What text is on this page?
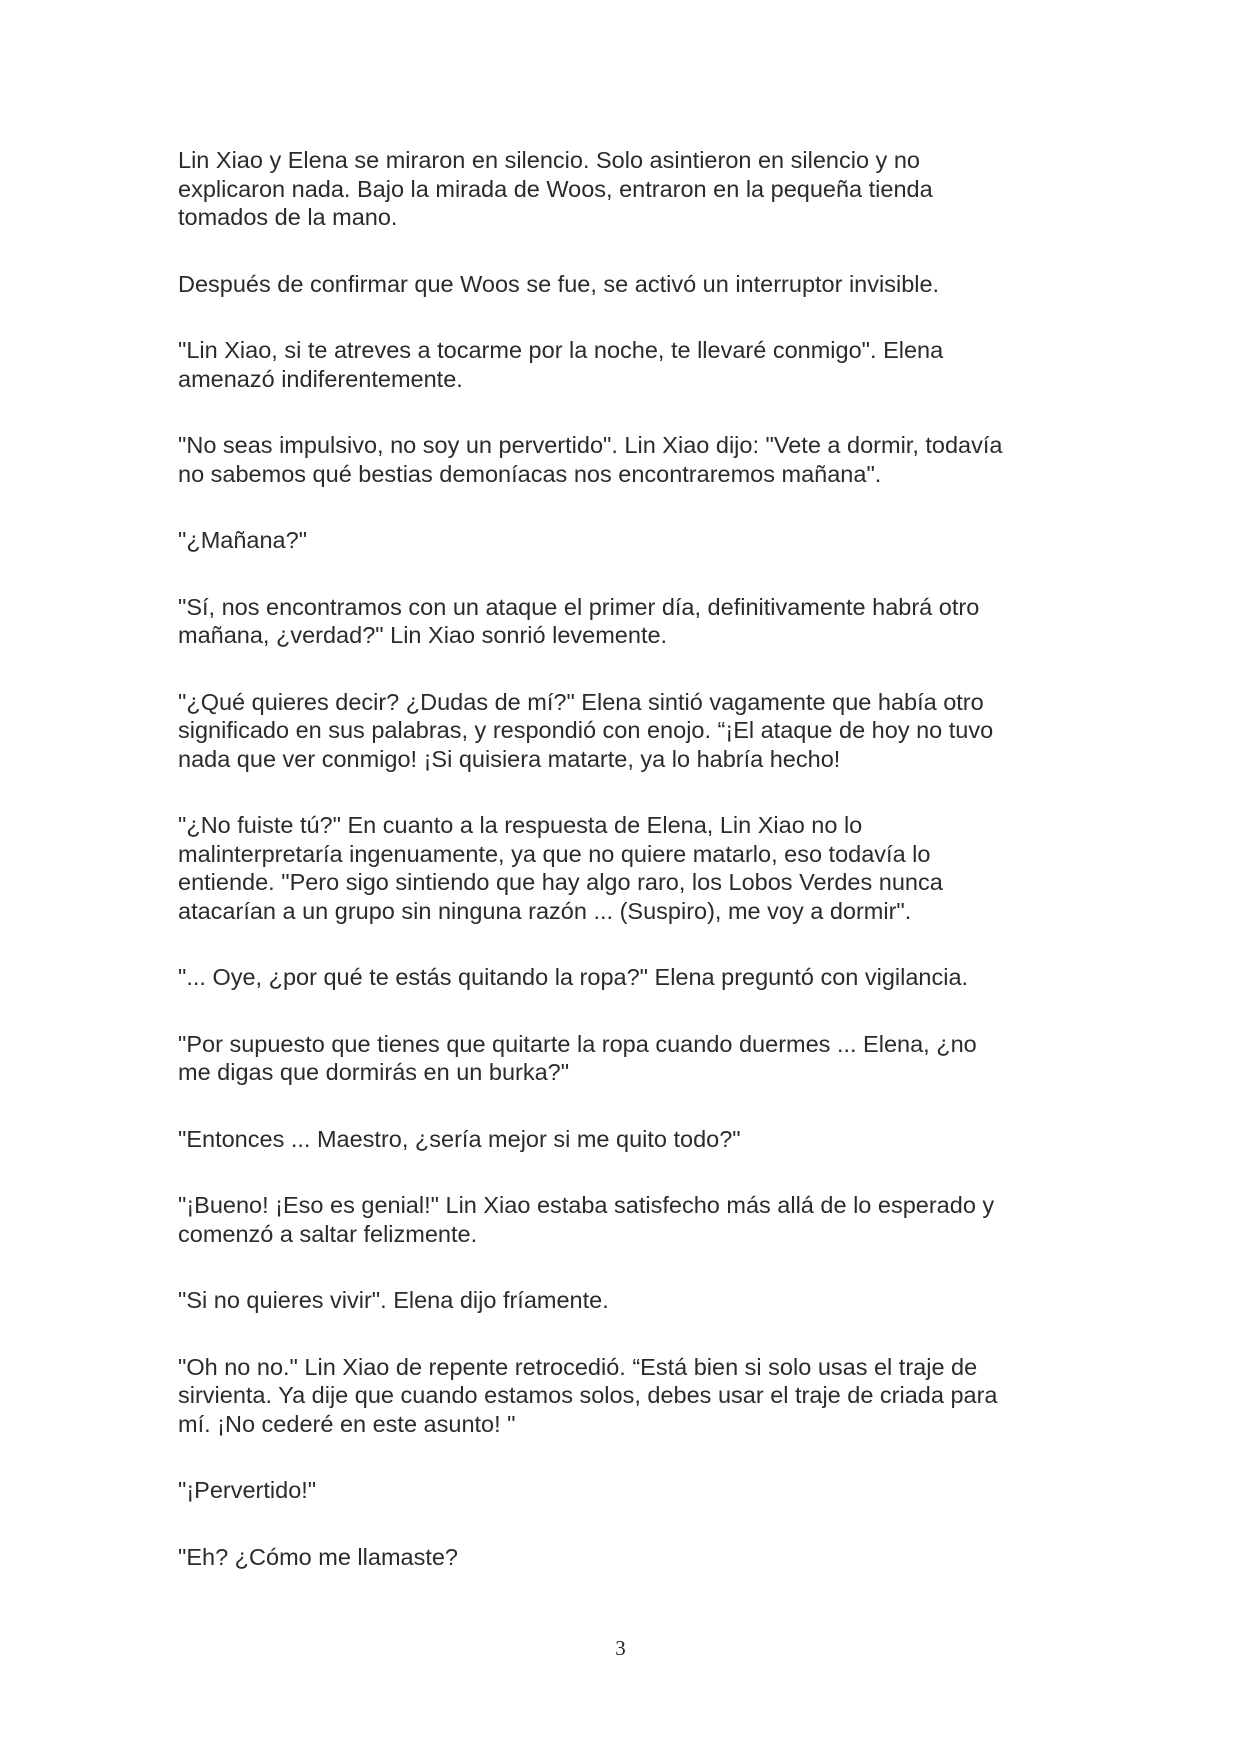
Lin Xiao y Elena se miraron en silencio. Solo asintieron en silencio y no
explicaron nada. Bajo la mirada de Woos, entraron en la pequeña tienda
tomados de la mano.

Después de confirmar que Woos se fue, se activó un interruptor invisible.

"Lin Xiao, si te atreves a tocarme por la noche, te llevaré conmigo". Elena
amenazó indiferentemente.

"No seas impulsivo, no soy un pervertido". Lin Xiao dijo: "Vete a dormir, todavía
no sabemos qué bestias demoníacas nos encontraremos mañana".

"¿Mañana?"

"Sí, nos encontramos con un ataque el primer día, definitivamente habrá otro
mañana, ¿verdad?" Lin Xiao sonrió levemente.

"¿Qué quieres decir? ¿Dudas de mí?" Elena sintió vagamente que había otro
significado en sus palabras, y respondió con enojo. “¡El ataque de hoy no tuvo
nada que ver conmigo! ¡Si quisiera matarte, ya lo habría hecho!

"¿No fuiste tú?" En cuanto a la respuesta de Elena, Lin Xiao no lo
malinterpretaría ingenuamente, ya que no quiere matarlo, eso todavía lo
entiende. "Pero sigo sintiendo que hay algo raro, los Lobos Verdes nunca
atacarían a un grupo sin ninguna razón ... (Suspiro), me voy a dormir".

"... Oye, ¿por qué te estás quitando la ropa?" Elena preguntó con vigilancia.

"Por supuesto que tienes que quitarte la ropa cuando duermes ... Elena, ¿no
me digas que dormirás en un burka?"

"Entonces ... Maestro, ¿sería mejor si me quito todo?"

"¡Bueno! ¡Eso es genial!" Lin Xiao estaba satisfecho más allá de lo esperado y
comenzó a saltar felizmente.

"Si no quieres vivir". Elena dijo fríamente.

"Oh no no." Lin Xiao de repente retrocedió. “Está bien si solo usas el traje de
sirvienta. Ya dije que cuando estamos solos, debes usar el traje de criada para
mí. ¡No cederé en este asunto! "

"¡Pervertido!"

"Eh? ¿Cómo me llamaste?

3
